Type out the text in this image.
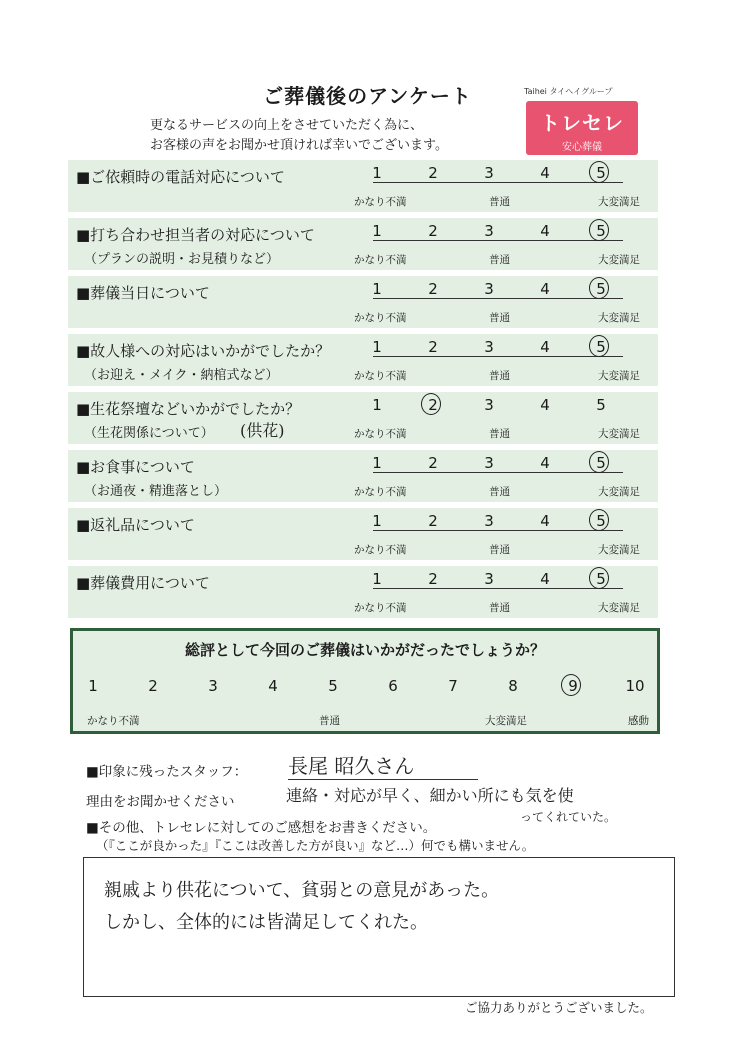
ご葬儀後のアンケート
更なるサービスの向上をさせていただく為に、
お客様の声をお聞かせ頂ければ幸いでございます。
Taihei タイヘイグループ
トレセレ
安心葬儀
■ご依頼時の電話対応について	1	2	3	4	5
かなり不満	普通	大変満足
■打ち合わせ担当者の対応について
（プランの説明・お見積りなど）
1	2	3	4	5
かなり不満	普通	大変満足
■葬儀当日について	1	2	3	4	5
かなり不満	普通	大変満足
■故人様への対応はいかがでしたか？
（お迎え・メイク・納棺式など）
1	2	3	4	5
かなり不満	普通	大変満足
■生花祭壇などいかがでしたか？
（生花関係について） (供花)
1	2	3	4	5
かなり不満	普通	大変満足
■お食事について
（お通夜・精進落とし）
1	2	3	4	5
かなり不満	普通	大変満足
■返礼品について	1	2	3	4	5
かなり不満	普通	大変満足
■葬儀費用について	1	2	3	4	5
かなり不満	普通	大変満足
総評として今回のご葬儀はいかがだったでしょうか？
1	2	3	4	5	6	7	8	9	10
かなり不満	普通	大変満足	感動
■印象に残ったスタッフ： 長尾 昭久さん
理由をお聞かせください	連絡・対応が早く、細かい所にも気を使
ってくれていた。
■その他、トレセレに対してのご感想をお書きください。
（『ここが良かった』『ここは改善した方が良い』など…）何でも構いません。
親戚より供花について、貧弱との意見があった。
しかし、全体的には皆満足してくれた。
ご協力ありがとうございました。
